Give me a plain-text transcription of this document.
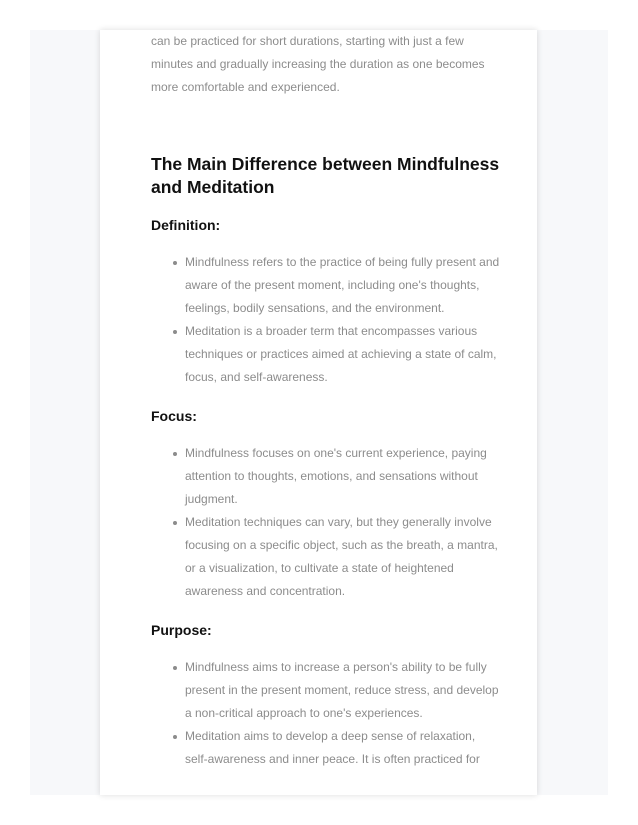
can be practiced for short durations, starting with just a few minutes and gradually increasing the duration as one becomes more comfortable and experienced.

The Main Difference between Mindfulness and Meditation
Definition:
Mindfulness refers to the practice of being fully present and aware of the present moment, including one's thoughts, feelings, bodily sensations, and the environment.
Meditation is a broader term that encompasses various techniques or practices aimed at achieving a state of calm, focus, and self-awareness.
Focus:
Mindfulness focuses on one's current experience, paying attention to thoughts, emotions, and sensations without judgment.
Meditation techniques can vary, but they generally involve focusing on a specific object, such as the breath, a mantra, or a visualization, to cultivate a state of heightened awareness and concentration.
Purpose:
Mindfulness aims to increase a person's ability to be fully present in the present moment, reduce stress, and develop a non-critical approach to one's experiences.
Meditation aims to develop a deep sense of relaxation, self-awareness and inner peace. It is often practiced for
